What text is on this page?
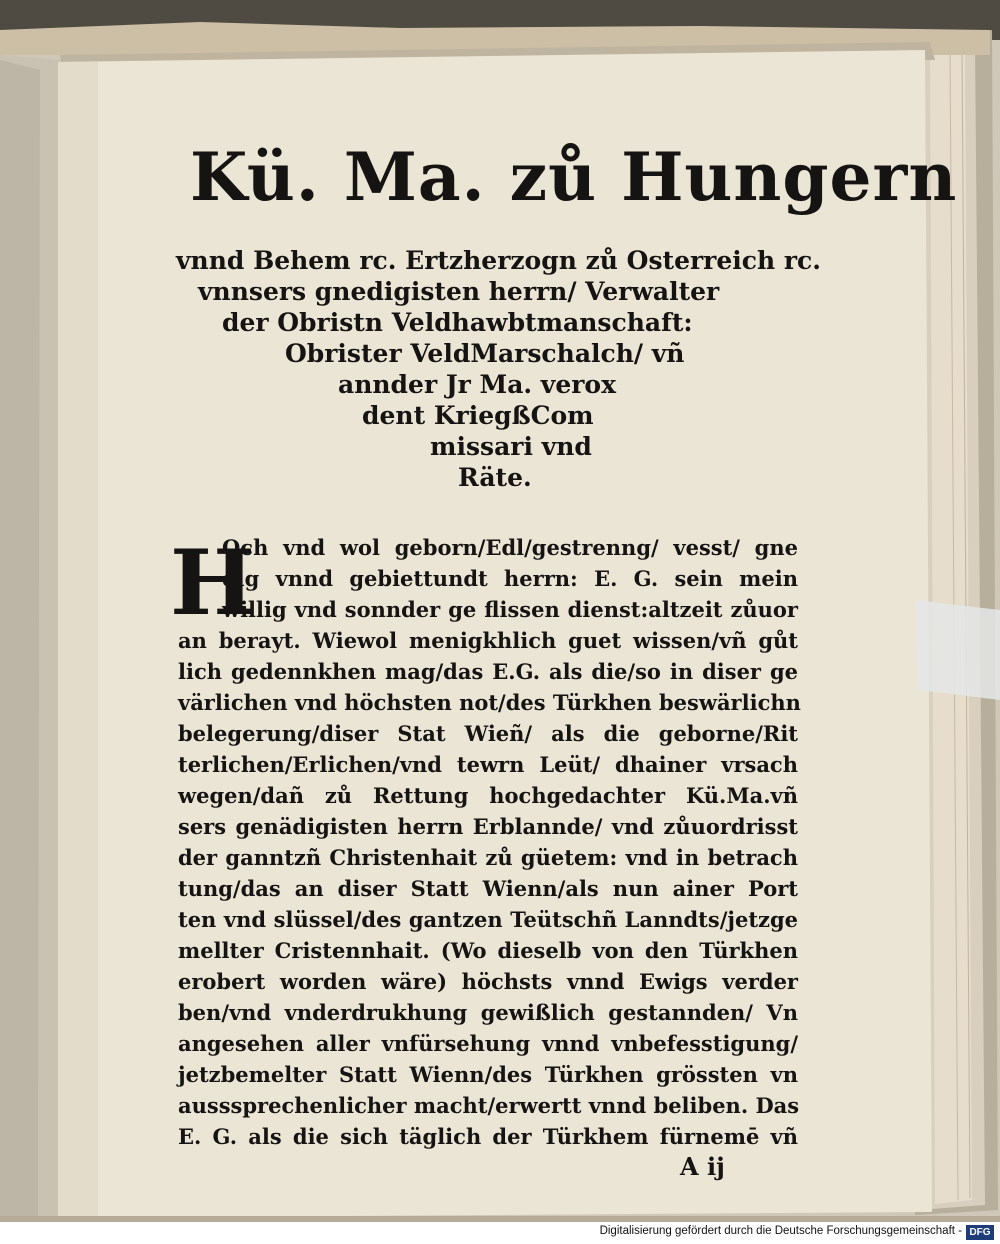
Kü. Ma. zů Hungern
vnnd Behem rc. Ertzherzogn zů Osterreich rc.
vnnsers gnedigisten herrn/ Verwalter
der Obristn Veldhawbtmanschaft:
Obrister VeldMarschalch/ vñ
annder Jr Ma. verox
dent KriegßCom
missari vnd
Räte.
H
Och vnd wol geborn/Edl/gestrenng/ vesst/ gne
dig vnnd gebiettundt herrn: E. G. sein mein
willig vnd sonnder ge flissen dienst:altzeit zůuor
an berayt. Wiewol menigkhlich guet wissen/vñ gůt
lich gedennkhen mag/das E.G. als die/so in diser ge
värlichen vnd höchsten not/des Türkhen beswärlichn
belegerung/diser Stat Wieñ/ als die geborne/Rit
terlichen/Erlichen/vnd tewrn Leüt/ dhainer vrsach
wegen/dañ zů Rettung hochgedachter Kü.Ma.vñ
sers genädigisten herrn Erblannde/ vnd zůuordrisst
der ganntzñ Christenhait zů güetem: vnd in betrach
tung/das an diser Statt Wienn/als nun ainer Port
ten vnd slüssel/des gantzen Teütschñ Lanndts/jetzge
mellter Cristennhait. (Wo dieselb von den Türkhen
erobert worden wäre) höchsts vnnd Ewigs verder
ben/vnd vnderdrukhung gewißlich gestannden/ Vn
angesehen aller vnfürsehung vnnd vnbefesstigung/
jetzbemelter Statt Wienn/des Türkhen grössten vn
ausssprechenlicher macht/erwertt vnnd beliben. Das
E. G. als die sich täglich der Türkhem fürnemē vñ
A ij
Digitalisierung gefördert durch die Deutsche Forschungsgemeinschaft - DFG
